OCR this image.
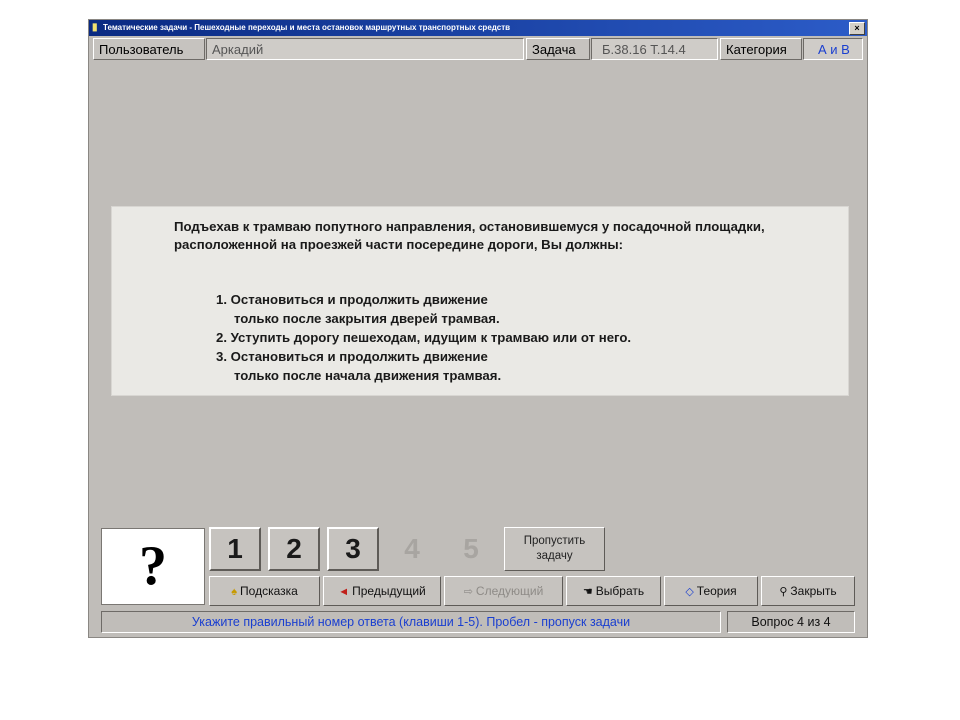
▮ Тематические задачи - Пешеходные переходы и места остановок маршрутных транспортных средств	×
Пользователь	Аркадий	Задача	Б.38.16 Т.14.4	Категория	А и В
Подъехав к трамваю попутного направления, остановившемуся у посадочной площадки, расположенной на проезжей части посередине дороги, Вы должны:
1. Остановиться и продолжить движение
только после закрытия дверей трамвая.
2. Уступить дорогу пешеходам, идущим к трамваю или от него.
3. Остановиться и продолжить движение
только после начала движения трамвая.
?	1	2	3	4	5	Пропустить
задачу
♠ Подсказка	◄ Предыдущий	⇨ Следующий	☚ Выбрать	◇ Теория	⚲ Закрыть
Укажите правильный номер ответа (клавиши 1-5). Пробел - пропуск задачи	Вопрос 4 из 4
